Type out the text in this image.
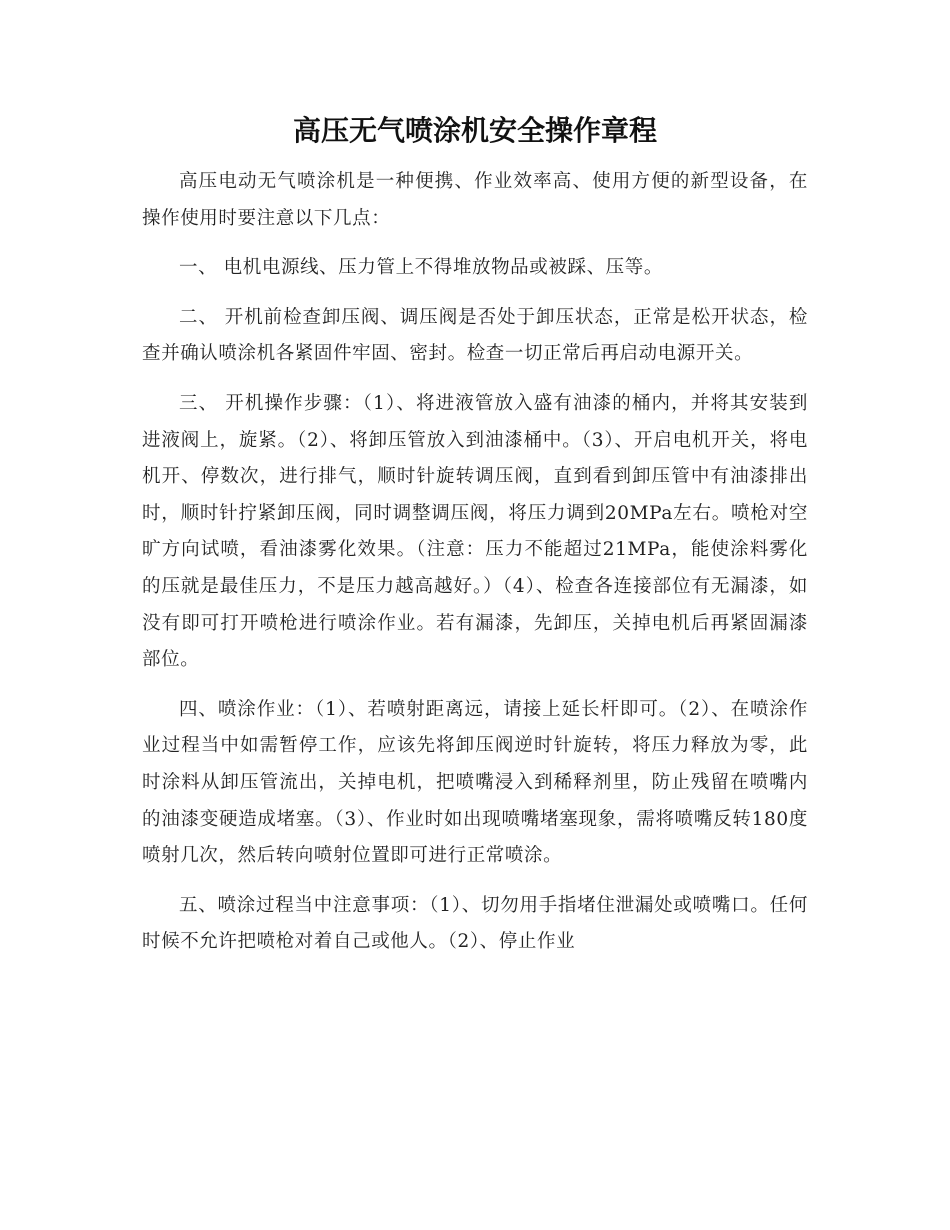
高压无气喷涂机安全操作章程

高压电动无气喷涂机是一种便携、作业效率高、使用方便的新型设备，在操作使用时要注意以下几点：

一、 电机电源线、压力管上不得堆放物品或被踩、压等。

二、 开机前检查卸压阀、调压阀是否处于卸压状态，正常是松开状态，检查并确认喷涂机各紧固件牢固、密封。检查一切正常后再启动电源开关。

三、 开机操作步骤：（1）、将进液管放入盛有油漆的桶内，并将其安装到进液阀上，旋紧。（2）、将卸压管放入到油漆桶中。（3）、开启电机开关，将电机开、停数次，进行排气，顺时针旋转调压阀，直到看到卸压管中有油漆排出时，顺时针拧紧卸压阀，同时调整调压阀，将压力调到20MPa左右。喷枪对空旷方向试喷，看油漆雾化效果。（注意：压力不能超过21MPa，能使涂料雾化的压就是最佳压力，不是压力越高越好。）（4）、检查各连接部位有无漏漆，如没有即可打开喷枪进行喷涂作业。若有漏漆，先卸压，关掉电机后再紧固漏漆部位。

四、喷涂作业：（1）、若喷射距离远，请接上延长杆即可。（2）、在喷涂作业过程当中如需暂停工作，应该先将卸压阀逆时针旋转，将压力释放为零，此时涂料从卸压管流出，关掉电机，把喷嘴浸入到稀释剂里，防止残留在喷嘴内的油漆变硬造成堵塞。（3）、作业时如出现喷嘴堵塞现象，需将喷嘴反转180度喷射几次，然后转向喷射位置即可进行正常喷涂。

五、喷涂过程当中注意事项：（1）、切勿用手指堵住泄漏处或喷嘴口。任何时候不允许把喷枪对着自己或他人。（2）、停止作业
